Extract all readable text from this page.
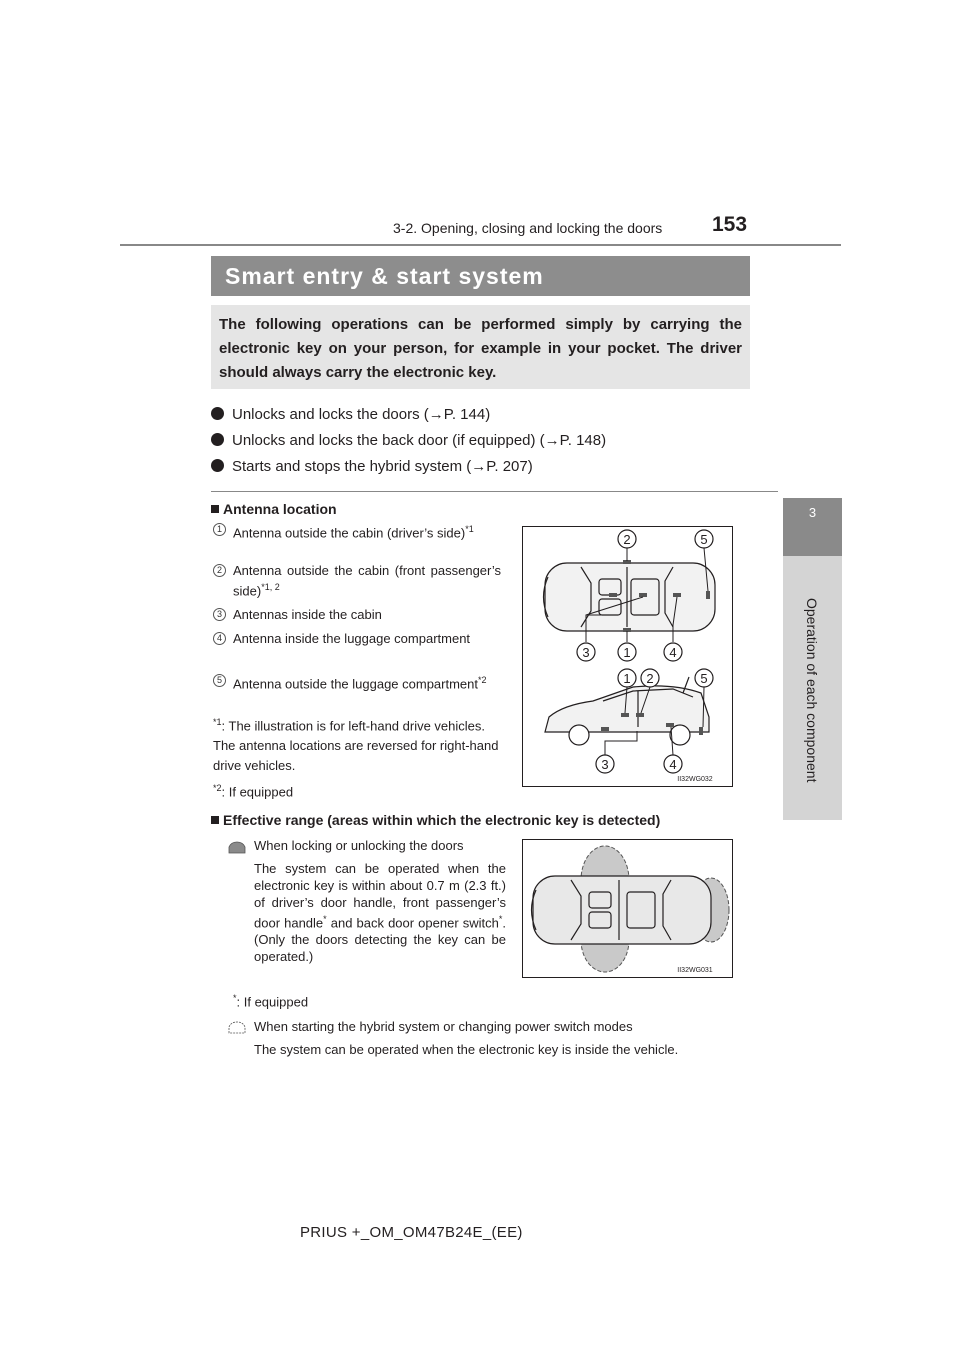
3-2. Opening, closing and locking the doors 153
3
Operation of each component
Smart entry & start system
The following operations can be performed simply by carrying the electronic key on your person, for example in your pocket. The driver should always carry the electronic key.
Unlocks and locks the doors (→P. 144)
Unlocks and locks the back door (if equipped) (→P. 148)
Starts and stops the hybrid system (→P. 207)
Antenna location
1 Antenna outside the cabin (driver’s side)$^{*1}$
2 Antenna outside the cabin (front passenger’s side)$^{*1, 2}$
3 Antennas inside the cabin
4 Antenna inside the luggage compartment
5 Antenna outside the luggage compartment$^{*2}$
$^{*1}$: The illustration is for left-hand drive vehicles. The antenna locations are reversed for right-hand drive vehicles.
$^{*2}$: If equipped
2	5
3	1	4
1 2	5
3	4
II32WG032
Effective range (areas within which the electronic key is detected)
When locking or unlocking the doors
The system can be operated when the electronic key is within about 0.7 m (2.3 ft.) of driver’s door handle, front passenger’s door handle* and back door opener switch*. (Only the doors detecting the key can be operated.)
*: If equipped
II32WG031
When starting the hybrid system or changing power switch modes
The system can be operated when the electronic key is inside the vehicle.
PRIUS +_OM_OM47B24E_(EE)
